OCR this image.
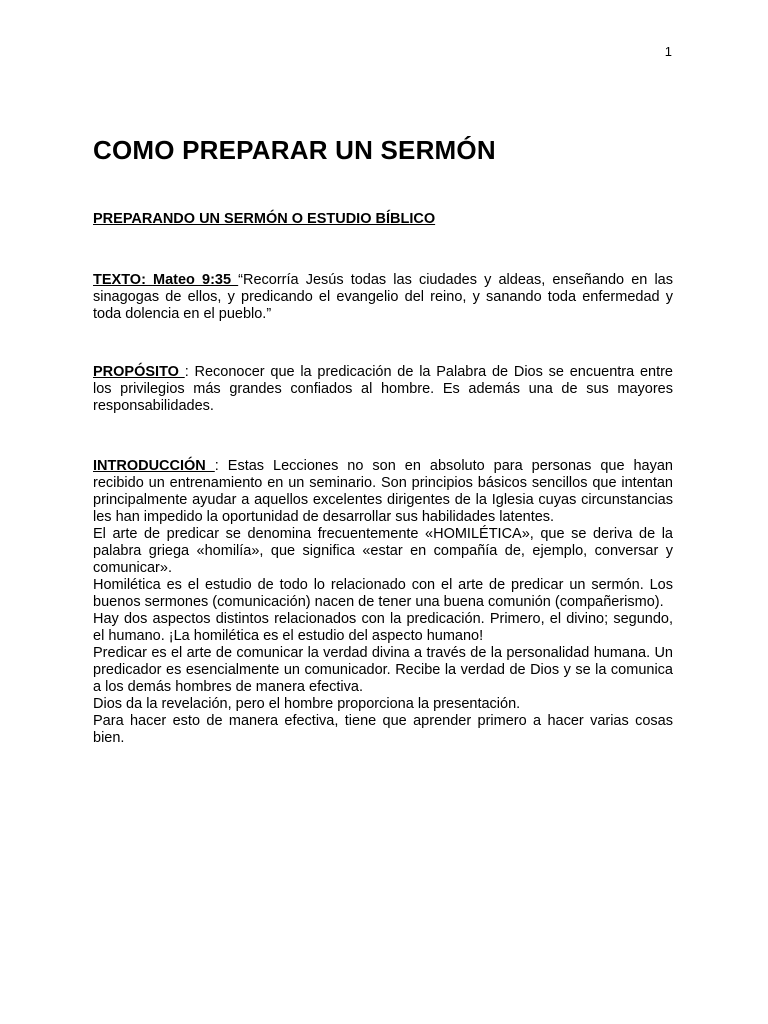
1
COMO PREPARAR UN SERMÓN
PREPARANDO UN SERMÓN O ESTUDIO BÍBLICO

TEXTO: Mateo 9:35 “Recorría Jesús todas las ciudades y aldeas, enseñando en las sinagogas de ellos, y predicando el evangelio del reino, y sanando toda enfermedad y toda dolencia en el pueblo.”

PROPÓSITO : Reconocer que la predicación de la Palabra de Dios se encuentra entre los privilegios más grandes confiados al hombre. Es además una de sus mayores responsabilidades.

INTRODUCCIÓN : Estas Lecciones no son en absoluto para personas que hayan recibido un entrenamiento en un seminario. Son principios básicos sencillos que intentan principalmente ayudar a aquellos excelentes dirigentes de la Iglesia cuyas circunstancias les han impedido la oportunidad de desarrollar sus habilidades latentes.

El arte de predicar se denomina frecuentemente «HOMILÉTICA», que se deriva de la palabra griega «homilía», que significa «estar en compañía de, ejemplo, conversar y comunicar».

Homilética es el estudio de todo lo relacionado con el arte de predicar un sermón. Los buenos sermones (comunicación) nacen de tener una buena comunión (compañerismo).

Hay dos aspectos distintos relacionados con la predicación. Primero, el divino; segundo, el humano. ¡La homilética es el estudio del aspecto humano!

Predicar es el arte de comunicar la verdad divina a través de la personalidad humana. Un predicador es esencialmente un comunicador. Recibe la verdad de Dios y se la comunica a los demás hombres de manera efectiva.

Dios da la revelación, pero el hombre proporciona la presentación.

Para hacer esto de manera efectiva, tiene que aprender primero a hacer varias cosas bien.
